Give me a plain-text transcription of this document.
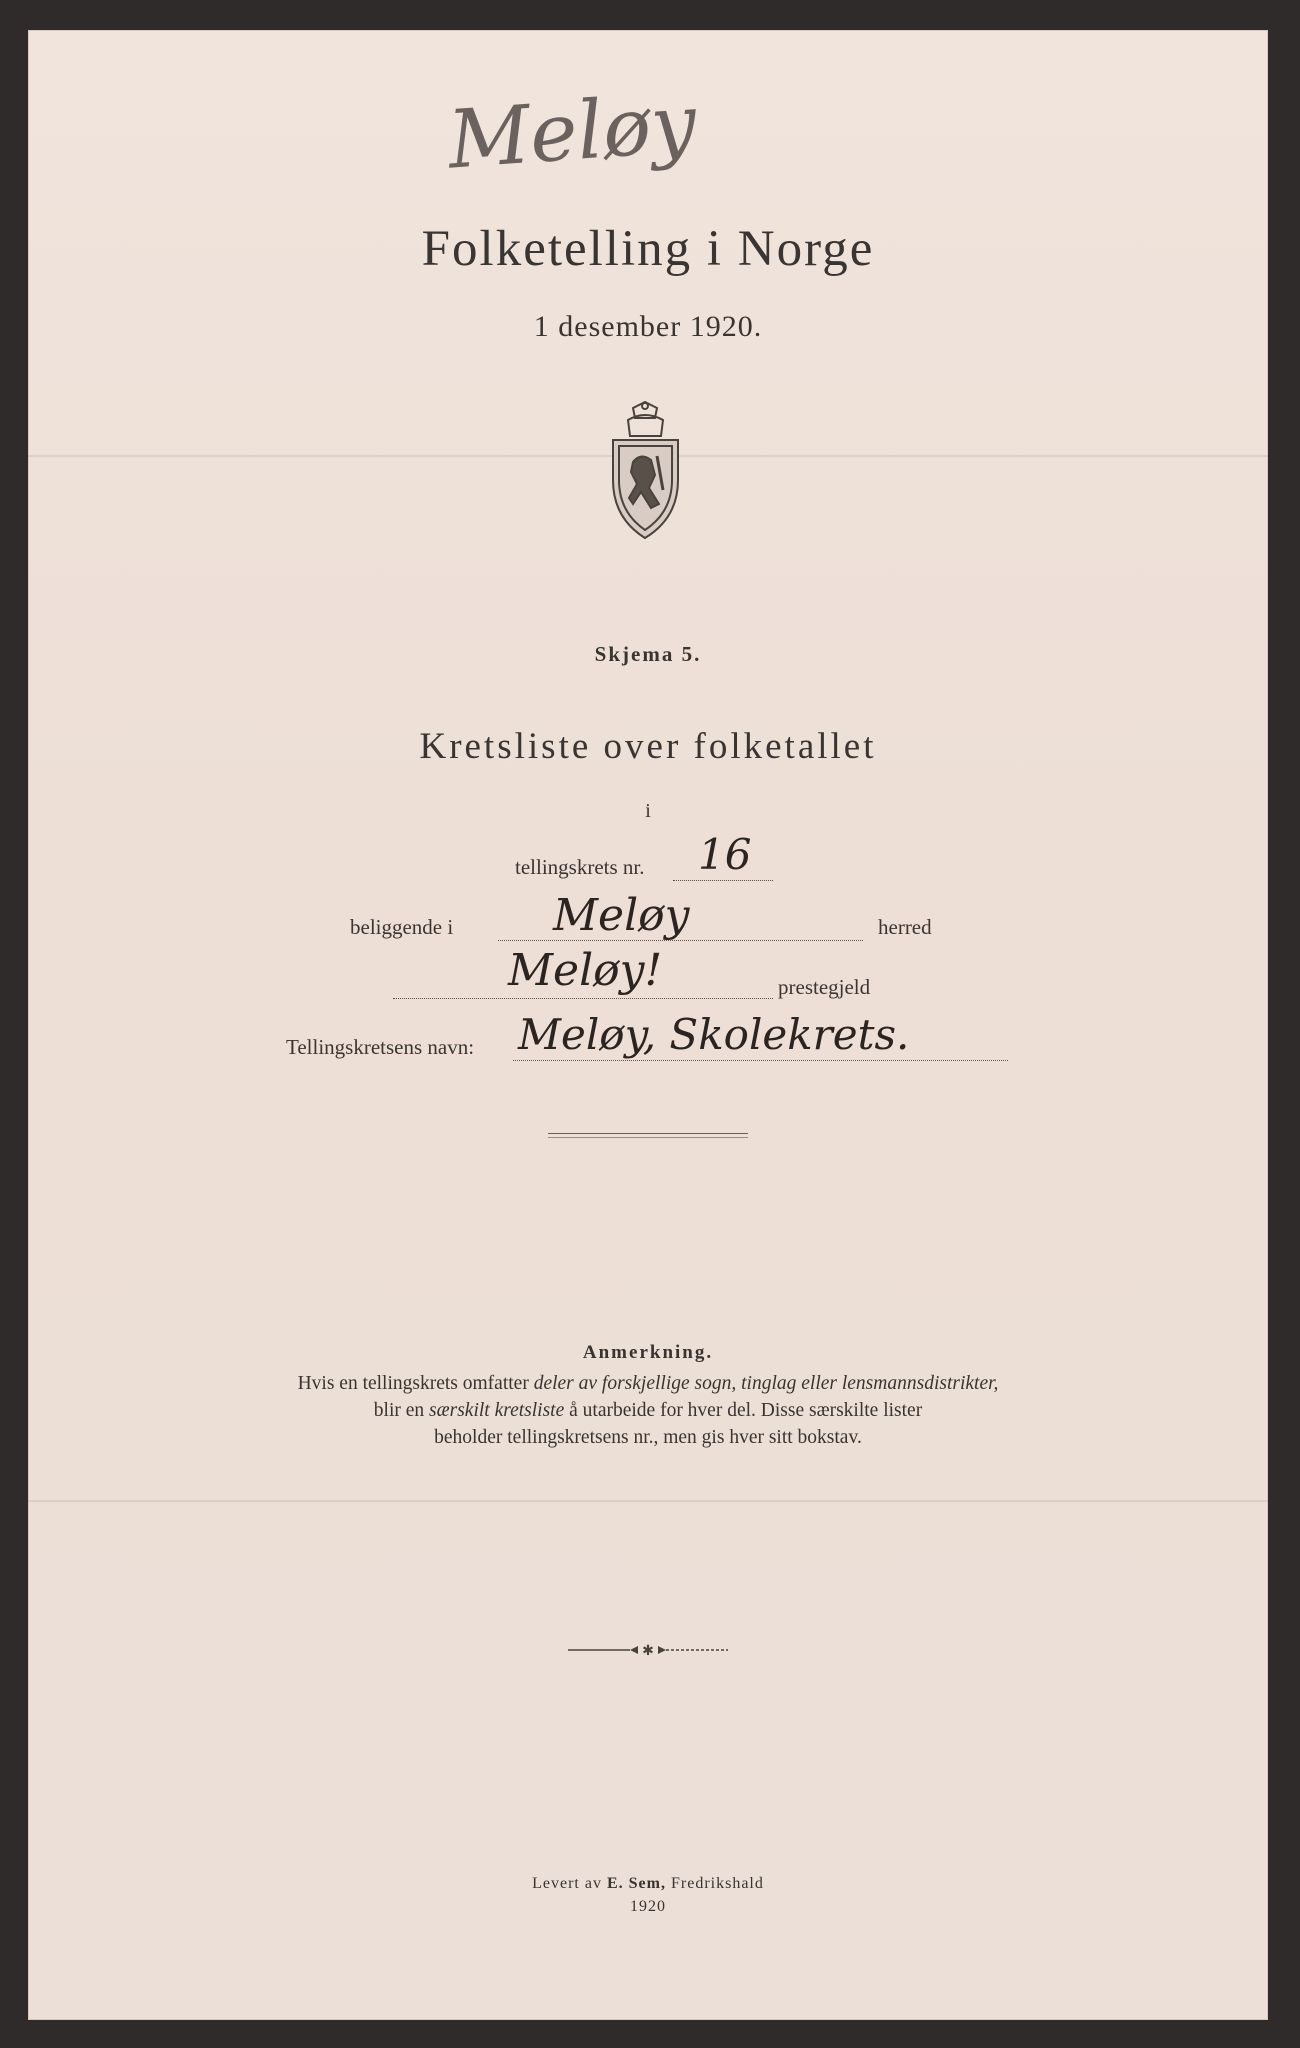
Meløy
Folketelling i Norge
1 desember 1920.
Skjema 5.
Kretsliste over folketallet
i
tellingskrets nr. 16
beliggende i Meløy	herred
Meløy!	prestegjeld
Tellingskretsens navn: Meløy, Skolekrets.
Anmerkning.
Hvis en tellingskrets omfatter deler av forskjellige sogn, tinglag eller lensmannsdistrikter,
blir en særskilt kretsliste å utarbeide for hver del. Disse særskilte lister
beholder tellingskretsens nr., men gis hver sitt bokstav.
✱
Levert av E. Sem, Fredrikshald
1920
